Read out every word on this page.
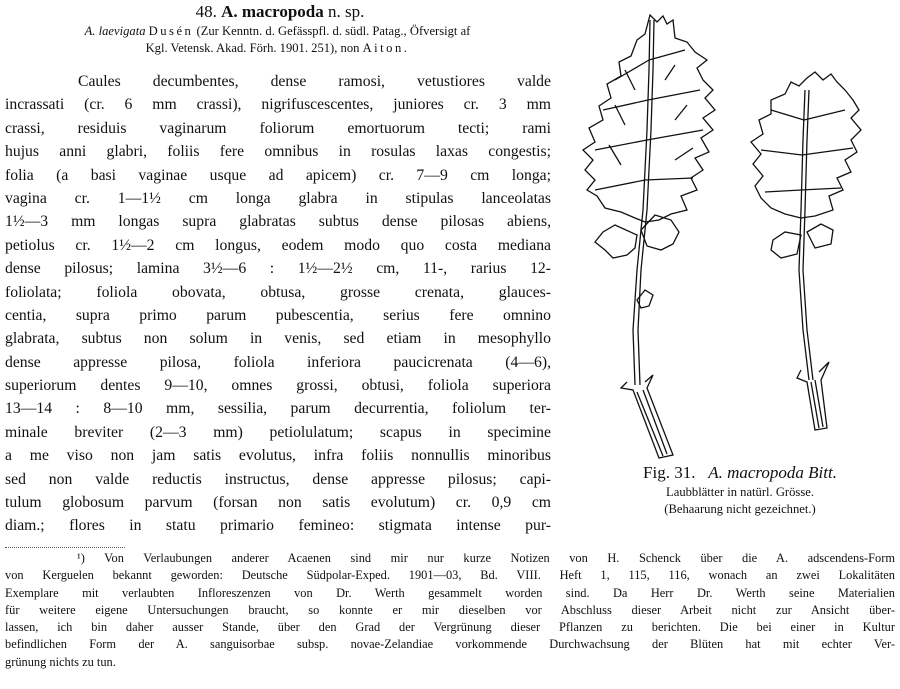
48. A. macropoda n. sp.
A. laevigata Dusén (Zur Kenntn. d. Gefässpfl. d. südl. Patag., Öfversigt af
Kgl. Vetensk. Akad. Förh. 1901. 251), non Aiton.
Caules decumbentes, dense ramosi, vetustiores valde
incrassati (cr. 6 mm crassi), nigrifuscescentes, juniores cr. 3 mm
crassi, residuis vaginarum foliorum emortuorum tecti; rami
hujus anni glabri, foliis fere omnibus in rosulas laxas congestis;
folia (a basi vaginae usque ad apicem) cr. 7—9 cm longa;
vagina cr. 1—1½ cm longa glabra in stipulas lanceolatas
1½—3 mm longas supra glabratas subtus dense pilosas abiens,
petiolus cr. 1½—2 cm longus, eodem modo quo costa mediana
dense pilosus; lamina 3½—6 : 1½—2½ cm, 11-, rarius 12-
foliolata; foliola obovata, obtusa, grosse crenata, glauces-
centia, supra primo parum pubescentia, serius fere omnino
glabrata, subtus non solum in venis, sed etiam in mesophyllo
dense appresse pilosa, foliola inferiora paucicrenata (4—6),
superiorum dentes 9—10, omnes grossi, obtusi, foliola superiora
13—14 : 8—10 mm, sessilia, parum decurrentia, foliolum ter-
minale breviter (2—3 mm) petiolulatum; scapus in specimine
a me viso non jam satis evolutus, infra foliis nonnullis minoribus
sed non valde reductis instructus, dense appresse pilosus; capi-
tulum globosum parvum (forsan non satis evolutum) cr. 0,9 cm
diam.; flores in statu primario femineo: stigmata intense pur-
¹) Von Verlaubungen anderer Acaenen sind mir nur kurze Notizen von H. Schenck über die A. adscendens-Form
von Kerguelen bekannt geworden: Deutsche Südpolar-Exped. 1901—03, Bd. VIII. Heft 1, 115, 116, wonach an zwei Lokalitäten
Exemplare mit verlaubten Infloreszenzen von Dr. Werth gesammelt worden sind. Da Herr Dr. Werth seine Materialien
für weitere eigene Untersuchungen braucht, so konnte er mir dieselben vor Abschluss dieser Arbeit nicht zur Ansicht über-
lassen, ich bin daher ausser Stande, über den Grad der Vergrünung dieser Pflanzen zu berichten. Die bei einer in Kultur
befindlichen Form der A. sanguisorbae subsp. novae-Zelandiae vorkommende Durchwachsung der Blüten hat mit echter Ver-
grünung nichts zu tun.
Fig. 31. A. macropoda Bitt.
Laubblätter in natürl. Grösse.
(Behaarung nicht gezeichnet.)
